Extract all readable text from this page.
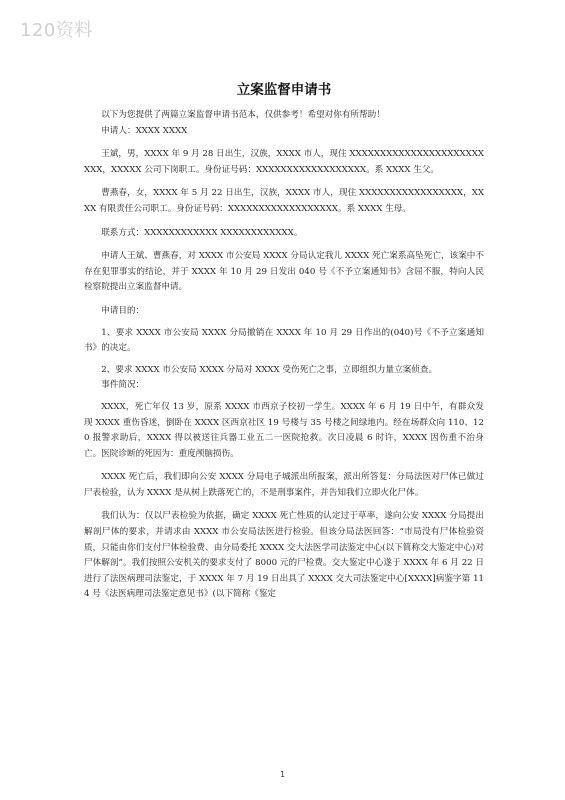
120资料
立案监督申请书

以下为您提供了两篇立案监督申请书范本，仅供参考！希望对你有所帮助！

申请人：XXXX XXXX

王斌，男，XXXX 年 9 月 28 日出生，汉族，XXXX 市人，现住 XXXXXXXXXXXXXXXXXXXXXXXXX，XXXXX 公司下岗职工。身份证号码：XXXXXXXXXXXXXXXXXX。系 XXXX 生父。

曹燕春，女，XXXX 年 5 月 22 日出生，汉族，XXXX 市人，现住 XXXXXXXXXXXXXXXXX，XXXX 有限责任公司职工。身份证号码：XXXXXXXXXXXXXXXXXX。系 XXXX 生母。

联系方式：XXXXXXXXXXXX XXXXXXXXXXXX。

申请人王斌、曹燕春，对 XXXX 市公安局 XXXX 分局认定我儿 XXXX 死亡案系高坠死亡，该案中不存在犯罪事实的结论，并于 XXXX 年 10 月 29 日发出 040 号《不予立案通知书》含屈不服，特向人民检察院提出立案监督申请。

申请目的：

1、要求 XXXX 市公安局 XXXX 分局撤销在 XXXX 年 10 月 29 日作出的(040)号《不予立案通知书》的决定。

2、要求 XXXX 市公安局 XXXX 分局对 XXXX 受伤死亡之事，立即组织力量立案侦查。

事件简况：

XXXX，死亡年仅 13 岁，原系 XXXX 市西京子校初一学生。XXXX 年 6 月 19 日中午，有群众发现 XXXX 重伤昏迷，倒卧在 XXXX 区西京社区 19 号楼与 35 号楼之间绿地内。经在场群众向 110、120 报警求助后，XXXX 得以被送往兵器工业五二一医院抢救。次日凌晨 6 时许，XXXX 因伤重不治身亡。医院诊断的死因为：重度颅脑损伤。

XXXX 死亡后，我们即向公安 XXXX 分局电子城派出所报案，派出所答复：分局法医对尸体已做过尸表检验，认为 XXXX 是从树上跌落死亡的，不是刑事案件，并告知我们立即火化尸体。

我们认为：仅以尸表检验为依据，确定 XXXX 死亡性质的认定过于草率，遂向公安 XXXX 分局提出解剖尸体的要求，并请求由 XXXX 市公安局法医进行检验。但该分局法医回答：“市局没有尸体检验资质，只能由你们支付尸体检验费、由分局委托 XXXX 交大法医学司法鉴定中心(以下简称交大鉴定中心)对尸体解剖”。我们按照公安机关的要求支付了 8000 元的尸检费。交大鉴定中心遂于 XXXX 年 6 月 22 日进行了法医病理司法鉴定，于 XXXX 年 7 月 19 日出具了 XXXX 交大司法鉴定中心[XXXX]病鉴字第 114 号《法医病理司法鉴定意见书》(以下简称《鉴定

1
